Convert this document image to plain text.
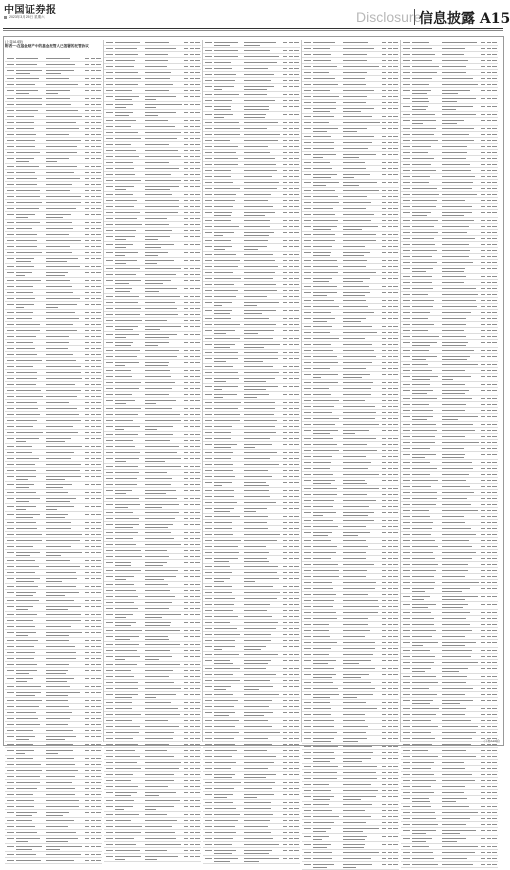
中国证券报
2023年3月25日 星期六	Disclosure
信息披露 A15
(上接A14版)
附表一:在基金财产中的基金托管人已签署的托管协议
(下转A16版)
